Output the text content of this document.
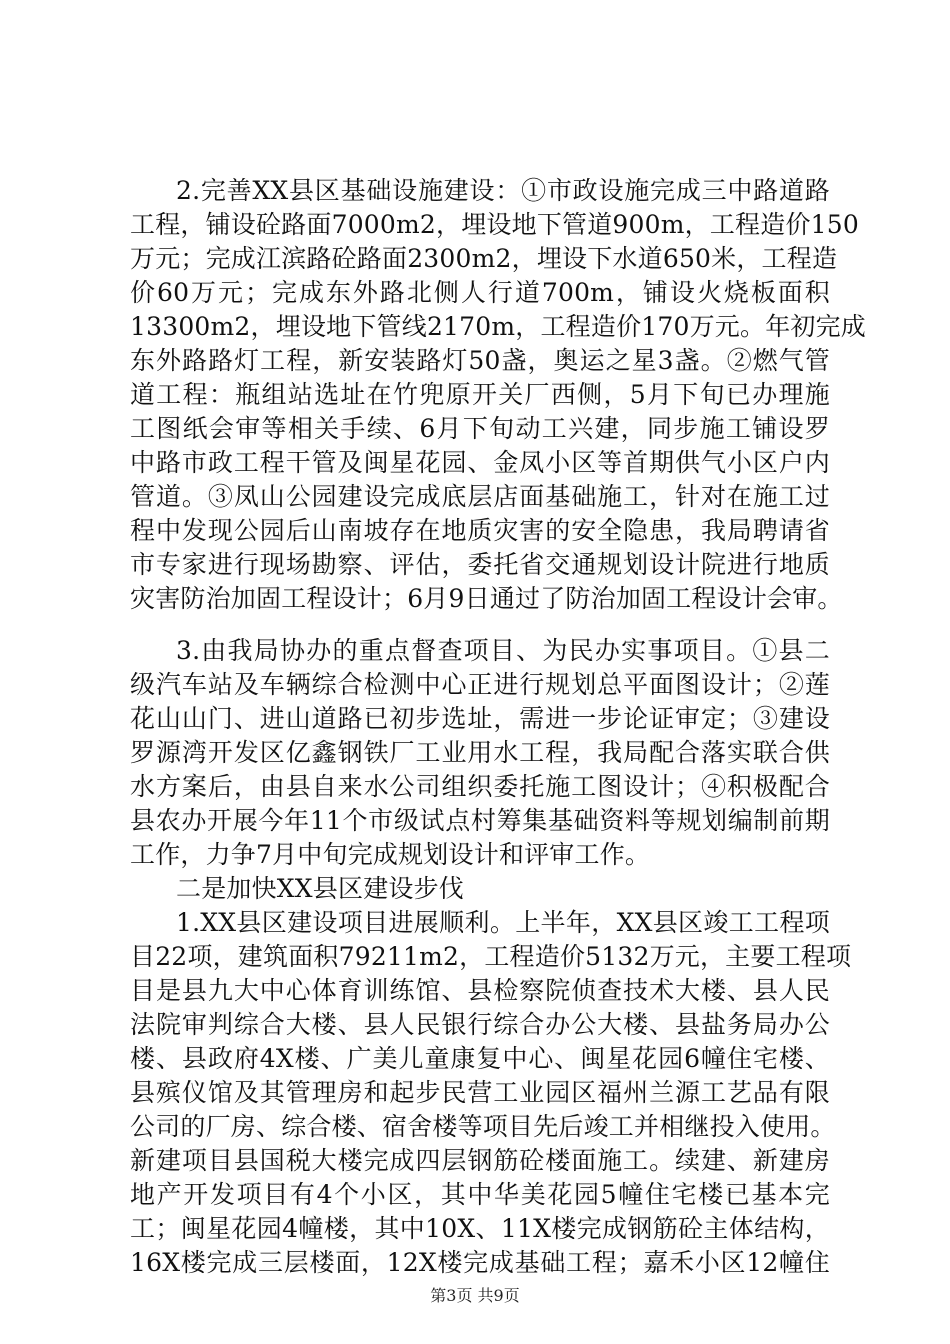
2.完善XX县区基础设施建设：①市政设施完成三中路道路
工程，铺设砼路面7000m2，埋设地下管道900m，工程造价150
万元；完成江滨路砼路面2300m2，埋设下水道650米，工程造
价60万元；完成东外路北侧人行道700m，铺设火烧板面积
13300m2，埋设地下管线2170m，工程造价170万元。年初完成
东外路路灯工程，新安装路灯50盏，奥运之星3盏。②燃气管
道工程：瓶组站选址在竹兜原开关厂西侧，5月下旬已办理施
工图纸会审等相关手续、6月下旬动工兴建，同步施工铺设罗
中路市政工程干管及闽星花园、金凤小区等首期供气小区户内
管道。③凤山公园建设完成底层店面基础施工，针对在施工过
程中发现公园后山南坡存在地质灾害的安全隐患，我局聘请省
市专家进行现场勘察、评估，委托省交通规划设计院进行地质
灾害防治加固工程设计；6月9日通过了防治加固工程设计会审。
3.由我局协办的重点督查项目、为民办实事项目。①县二
级汽车站及车辆综合检测中心正进行规划总平面图设计；②莲
花山山门、进山道路已初步选址，需进一步论证审定；③建设
罗源湾开发区亿鑫钢铁厂工业用水工程，我局配合落实联合供
水方案后，由县自来水公司组织委托施工图设计；④积极配合
县农办开展今年11个市级试点村筹集基础资料等规划编制前期
工作，力争7月中旬完成规划设计和评审工作。
二是加快XX县区建设步伐
1.XX县区建设项目进展顺利。上半年，XX县区竣工工程项
目22项，建筑面积79211m2，工程造价5132万元，主要工程项
目是县九大中心体育训练馆、县检察院侦查技术大楼、县人民
法院审判综合大楼、县人民银行综合办公大楼、县盐务局办公
楼、县政府4X楼、广美儿童康复中心、闽星花园6幢住宅楼、
县殡仪馆及其管理房和起步民营工业园区福州兰源工艺品有限
公司的厂房、综合楼、宿舍楼等项目先后竣工并相继投入使用。
新建项目县国税大楼完成四层钢筋砼楼面施工。续建、新建房
地产开发项目有4个小区，其中华美花园5幢住宅楼已基本完
工；闽星花园4幢楼，其中10X、11X楼完成钢筋砼主体结构，
16X楼完成三层楼面，12X楼完成基础工程；嘉禾小区12幢住
第3页 共9页
